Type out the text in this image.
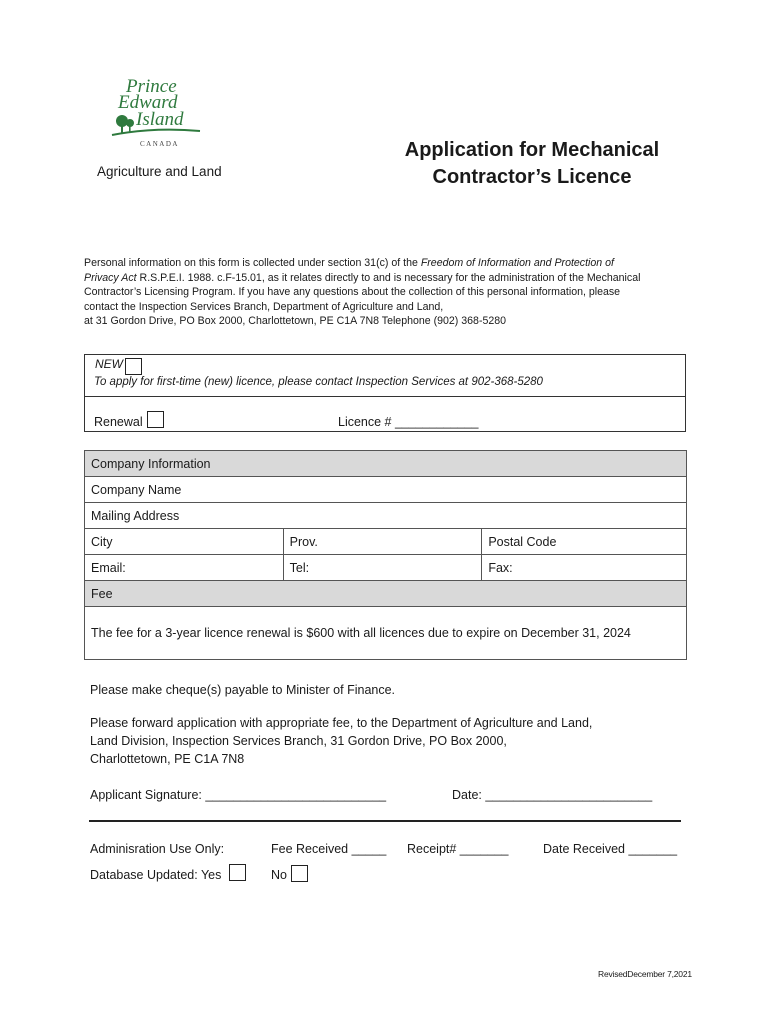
Prince
Edward
Island
CANADA
Agriculture and Land
Application for Mechanical
Contractor’s Licence
Personal information on this form is collected under section 31(c) of the Freedom of Information and Protection of
Privacy Act R.S.P.E.I. 1988. c.F-15.01, as it relates directly to and is necessary for the administration of the Mechanical
Contractor’s Licensing Program. If you have any questions about the collection of this personal information, please
contact the Inspection Services Branch, Department of Agriculture and Land,
at 31 Gordon Drive, PO Box 2000, Charlottetown, PE C1A 7N8 Telephone (902) 368-5280
NEW
To apply for first-time (new) licence, please contact Inspection Services at 902-368-5280
Renewal	Licence # ____________
Company Information		
Company Name		
Mailing Address		
City	Prov.	Postal Code
Email:	Tel:	Fax:
Fee		
The fee for a 3-year licence renewal is $600 with all licences due to expire on December 31, 2024		
Please make cheque(s) payable to Minister of Finance.
Please forward application with appropriate fee, to the Department of Agriculture and Land,
Land Division, Inspection Services Branch, 31 Gordon Drive, PO Box 2000,
Charlottetown, PE C1A 7N8
Applicant Signature: __________________________	Date: ________________________
Adminisration Use Only:	Fee Received _____ Receipt# _______	Date Received _______
Database Updated: Yes	No
RevisedDecember 7,2021
